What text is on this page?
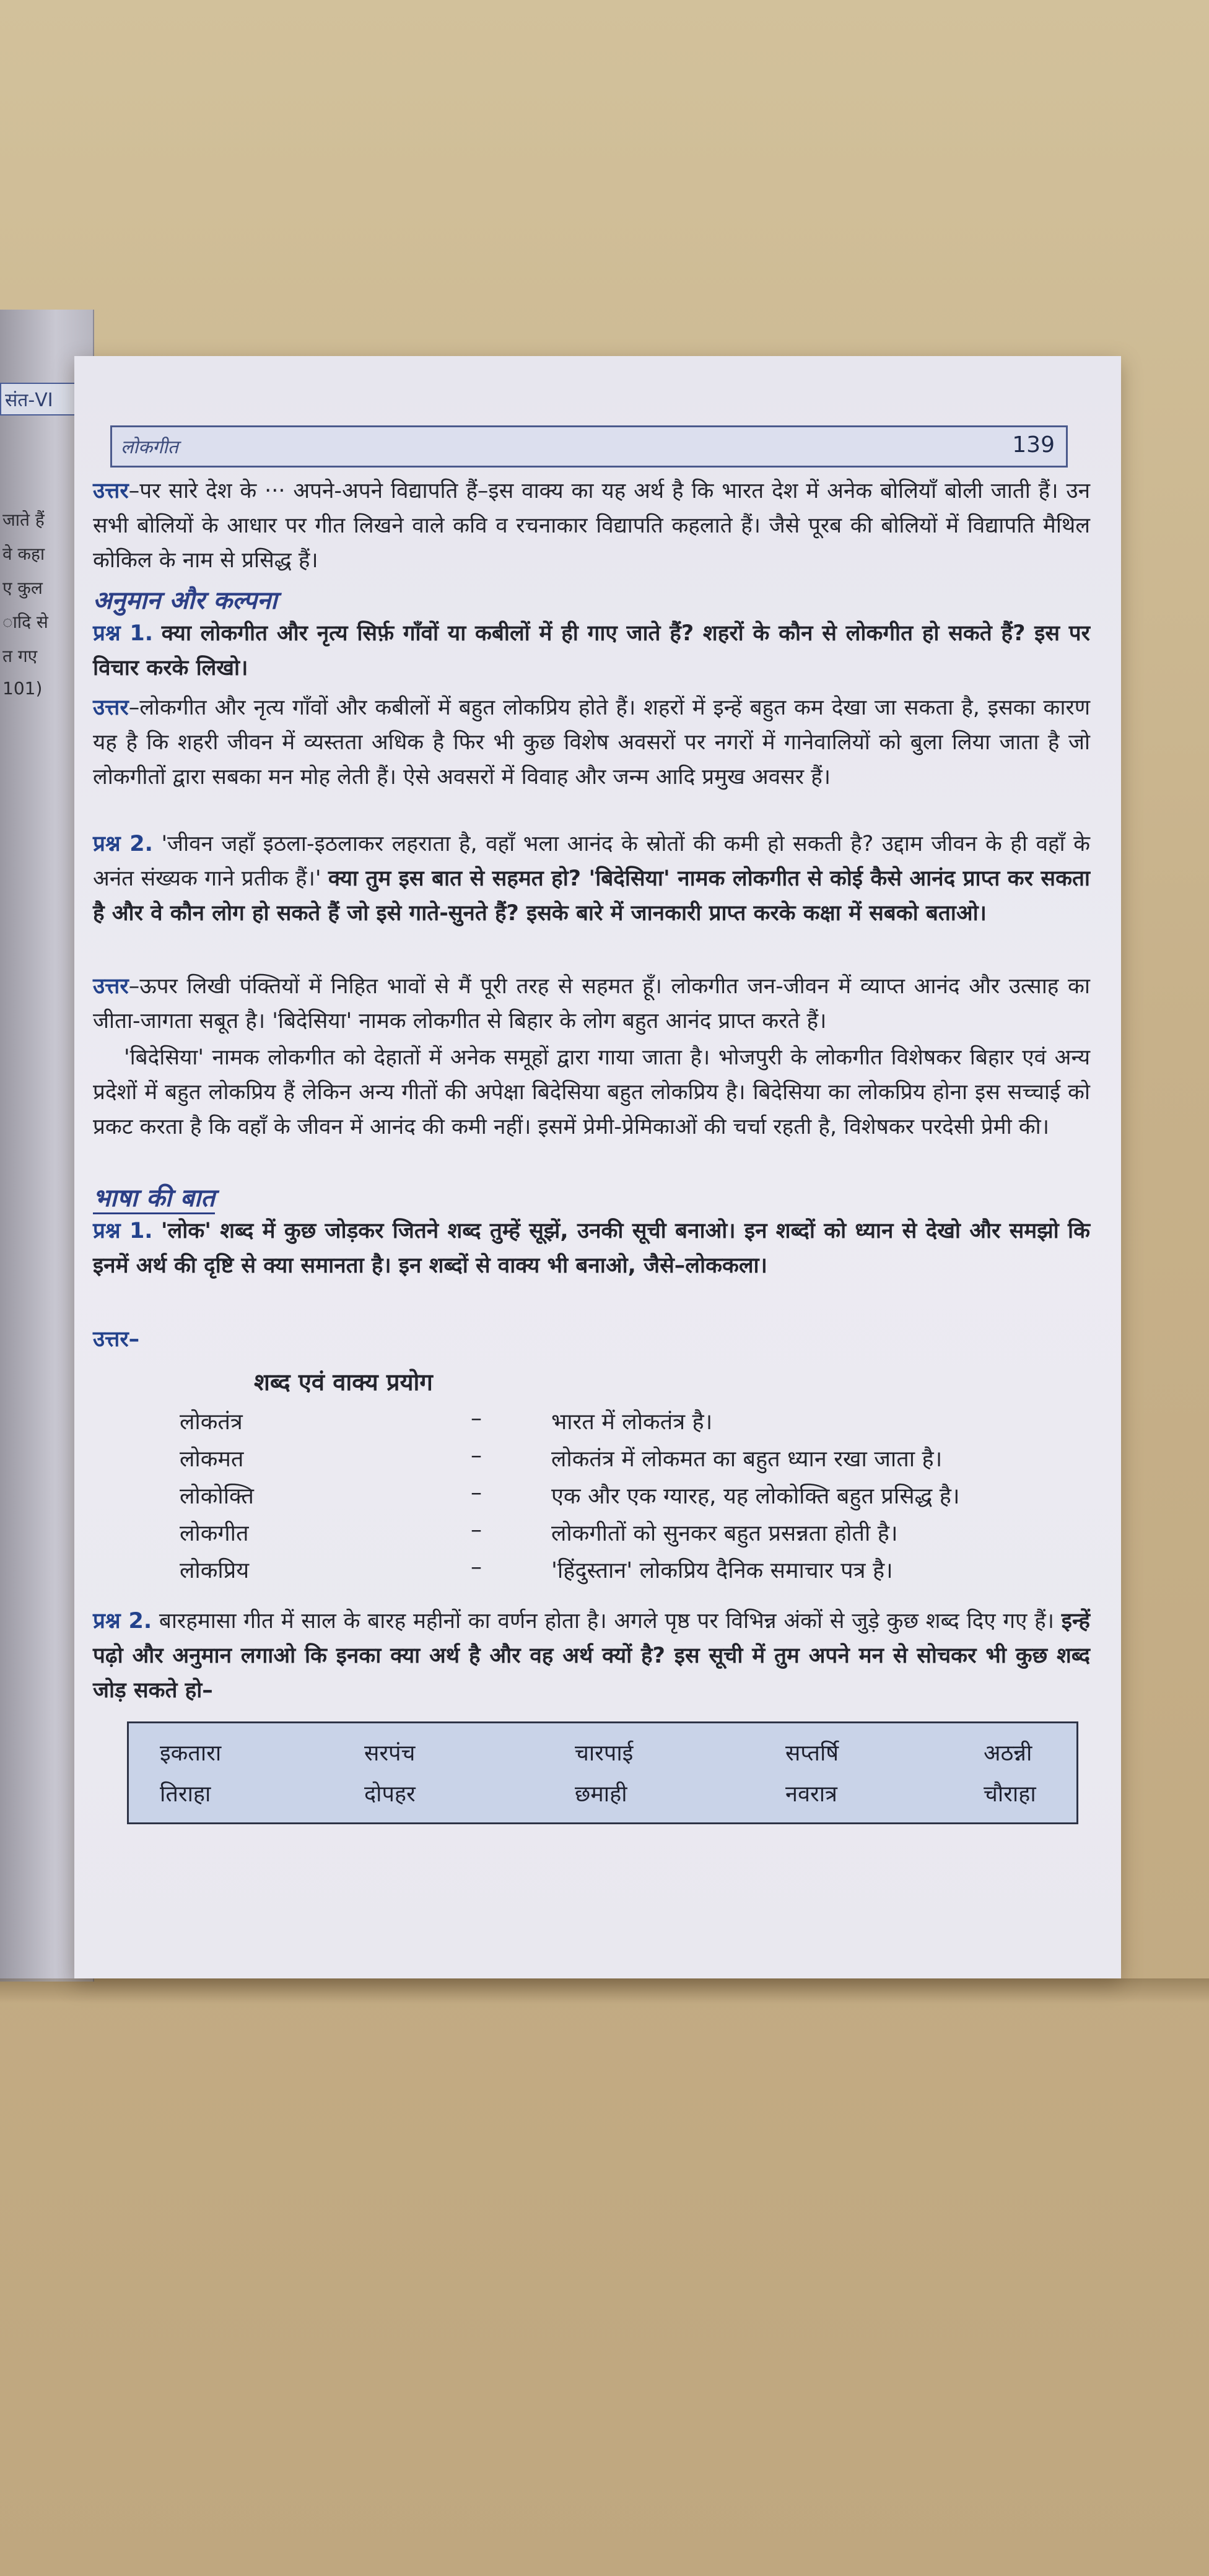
संत-VI
जाते हैं
वे कहा
ए कुल
ादि से
त गए
101)
लोकगीत	139
उत्तर–पर सारे देश के ··· अपने-अपने विद्यापति हैं–इस वाक्य का यह अर्थ है कि भारत देश में अनेक बोलियाँ बोली जाती हैं। उन सभी बोलियों के आधार पर गीत लिखने वाले कवि व रचनाकार विद्यापति कहलाते हैं। जैसे पूरब की बोलियों में विद्यापति मैथिल कोकिल के नाम से प्रसिद्ध हैं।
अनुमान और कल्पना
प्रश्न 1. क्या लोकगीत और नृत्य सिर्फ़ गाँवों या कबीलों में ही गाए जाते हैं? शहरों के कौन से लोकगीत हो सकते हैं? इस पर विचार करके लिखो।
उत्तर–लोकगीत और नृत्य गाँवों और कबीलों में बहुत लोकप्रिय होते हैं। शहरों में इन्हें बहुत कम देखा जा सकता है, इसका कारण यह है कि शहरी जीवन में व्यस्तता अधिक है फिर भी कुछ विशेष अवसरों पर नगरों में गानेवालियों को बुला लिया जाता है जो लोकगीतों द्वारा सबका मन मोह लेती हैं। ऐसे अवसरों में विवाह और जन्म आदि प्रमुख अवसर हैं।
प्रश्न 2. 'जीवन जहाँ इठला-इठलाकर लहराता है, वहाँ भला आनंद के स्रोतों की कमी हो सकती है? उद्दाम जीवन के ही वहाँ के अनंत संख्यक गाने प्रतीक हैं।' क्या तुम इस बात से सहमत हो? 'बिदेसिया' नामक लोकगीत से कोई कैसे आनंद प्राप्त कर सकता है और वे कौन लोग हो सकते हैं जो इसे गाते-सुनते हैं? इसके बारे में जानकारी प्राप्त करके कक्षा में सबको बताओ।
उत्तर–ऊपर लिखी पंक्तियों में निहित भावों से मैं पूरी तरह से सहमत हूँ। लोकगीत जन-जीवन में व्याप्त आनंद और उत्साह का जीता-जागता सबूत है। 'बिदेसिया' नामक लोकगीत से बिहार के लोग बहुत आनंद प्राप्त करते हैं।
'बिदेसिया' नामक लोकगीत को देहातों में अनेक समूहों द्वारा गाया जाता है। भोजपुरी के लोकगीत विशेषकर बिहार एवं अन्य प्रदेशों में बहुत लोकप्रिय हैं लेकिन अन्य गीतों की अपेक्षा बिदेसिया बहुत लोकप्रिय है। बिदेसिया का लोकप्रिय होना इस सच्चाई को प्रकट करता है कि वहाँ के जीवन में आनंद की कमी नहीं। इसमें प्रेमी-प्रेमिकाओं की चर्चा रहती है, विशेषकर परदेसी प्रेमी की।
भाषा की बात
प्रश्न 1. 'लोक' शब्द में कुछ जोड़कर जितने शब्द तुम्हें सूझें, उनकी सूची बनाओ। इन शब्दों को ध्यान से देखो और समझो कि इनमें अर्थ की दृष्टि से क्या समानता है। इन शब्दों से वाक्य भी बनाओ, जैसे–लोककला।
उत्तर–
शब्द एवं वाक्य प्रयोग
लोकतंत्र	–	भारत में लोकतंत्र है।
लोकमत	–	लोकतंत्र में लोकमत का बहुत ध्यान रखा जाता है।
लोकोक्ति	–	एक और एक ग्यारह, यह लोकोक्ति बहुत प्रसिद्ध है।
लोकगीत	–	लोकगीतों को सुनकर बहुत प्रसन्नता होती है।
लोकप्रिय	–	'हिंदुस्तान' लोकप्रिय दैनिक समाचार पत्र है।
प्रश्न 2. बारहमासा गीत में साल के बारह महीनों का वर्णन होता है। अगले पृष्ठ पर विभिन्न अंकों से जुड़े कुछ शब्द दिए गए हैं। इन्हें पढ़ो और अनुमान लगाओ कि इनका क्या अर्थ है और वह अर्थ क्यों है? इस सूची में तुम अपने मन से सोचकर भी कुछ शब्द जोड़ सकते हो–
इकतारा	सरपंच	चारपाई	सप्तर्षि	अठन्नी
तिराहा	दोपहर	छमाही	नवरात्र	चौराहा
